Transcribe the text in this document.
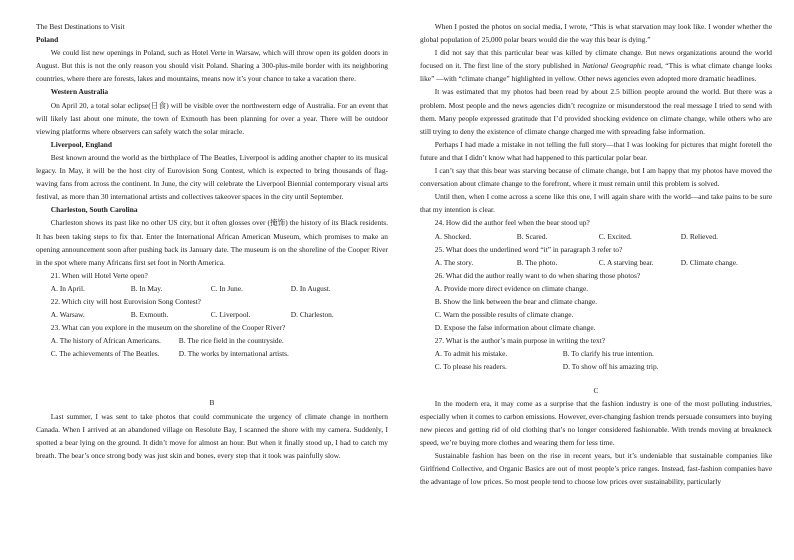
The Best Destinations to Visit

Poland

We could list new openings in Poland, such as Hotel Verte in Warsaw, which will throw open its golden doors in August. But this is not the only reason you should visit Poland. Sharing a 300-plus-mile border with its neighboring countries, where there are forests, lakes and mountains, means now it’s your chance to take a vacation there.

Western Australia

On April 20, a total solar eclipse(日食) will be visible over the northwestern edge of Australia. For an event that will likely last about one minute, the town of Exmouth has been planning for over a year. There will be outdoor viewing platforms where observers can safely watch the solar miracle.

Liverpool, England

Best known around the world as the birthplace of The Beatles, Liverpool is adding another chapter to its musical legacy. In May, it will be the host city of Eurovision Song Contest, which is expected to bring thousands of flag-waving fans from across the continent. In June, the city will celebrate the Liverpool Biennial contemporary visual arts festival, as more than 30 international artists and collectives takeover spaces in the city until September.

Charleston, South Carolina

Charleston shows its past like no other US city, but it often glosses over (掩饰) the history of its Black residents. It has been taking steps to fix that. Enter the International African American Museum, which promises to make an opening announcement soon after pushing back its January date. The museum is on the shoreline of the Cooper River in the spot where many Africans first set foot in North America.

21. When will Hotel Verte open?

A. In April.	B. In May.	C. In June.	D. In August.

22. Which city will host Eurovision Song Contest?

A. Warsaw.	B. Exmouth.	C. Liverpool.	D. Charleston.

23. What can you explore in the museum on the shoreline of the Cooper River?

A. The history of African Americans.	B. The rice field in the countryside.
C. The achievements of The Beatles.	D. The works by international artists.

B

Last summer, I was sent to take photos that could communicate the urgency of climate change in northern Canada. When I arrived at an abandoned village on Resolute Bay, I scanned the shore with my camera. Suddenly, I spotted a bear lying on the ground. It didn’t move for almost an hour. But when it finally stood up, I had to catch my breath. The bear’s once strong body was just skin and bones, every step that it took was painfully slow.

When I posted the photos on social media, I wrote, “This is what starvation may look like. I wonder whether the global population of 25,000 polar bears would die the way this bear is dying.”

I did not say that this particular bear was killed by climate change. But news organizations around the world focused on it. The first line of the story published in National Geographic read, “This is what climate change looks like” —with “climate change” highlighted in yellow. Other news agencies even adopted more dramatic headlines.

It was estimated that my photos had been read by about 2.5 billion people around the world. But there was a problem. Most people and the news agencies didn’t recognize or misunderstood the real message I tried to send with them. Many people expressed gratitude that I’d provided shocking evidence on climate change, while others who are still trying to deny the existence of climate change charged me with spreading false information.

Perhaps I had made a mistake in not telling the full story—that I was looking for pictures that might foretell the future and that I didn’t know what had happened to this particular polar bear.

I can’t say that this bear was starving because of climate change, but I am happy that my photos have moved the conversation about climate change to the forefront, where it must remain until this problem is solved.

Until then, when I come across a scene like this one, I will again share with the world—and take pains to be sure that my intention is clear.

24. How did the author feel when the bear stood up?

A. Shocked.	B. Scared.	C. Excited.	D. Relieved.

25. What does the underlined word “it” in paragraph 3 refer to?

A. The story.	B. The photo.	C. A starving bear.	D. Climate change.

26. What did the author really want to do when sharing those photos?

A. Provide more direct evidence on climate change.

B. Show the link between the bear and climate change.

C. Warn the possible results of climate change.

D. Expose the false information about climate change.

27. What is the author’s main purpose in writing the text?

A. To admit his mistake.	B. To clarify his true intention.
C. To please his readers.	D. To show off his amazing trip.

C

In the modern era, it may come as a surprise that the fashion industry is one of the most polluting industries, especially when it comes to carbon emissions. However, ever-changing fashion trends persuade consumers into buying new pieces and getting rid of old clothing that’s no longer considered fashionable. With trends moving at breakneck speed, we’re buying more clothes and wearing them for less time.

Sustainable fashion has been on the rise in recent years, but it’s undeniable that sustainable companies like Girlfriend Collective, and Organic Basics are out of most people’s price ranges. Instead, fast-fashion companies have the advantage of low prices. So most people tend to choose low prices over sustainability, particularly
